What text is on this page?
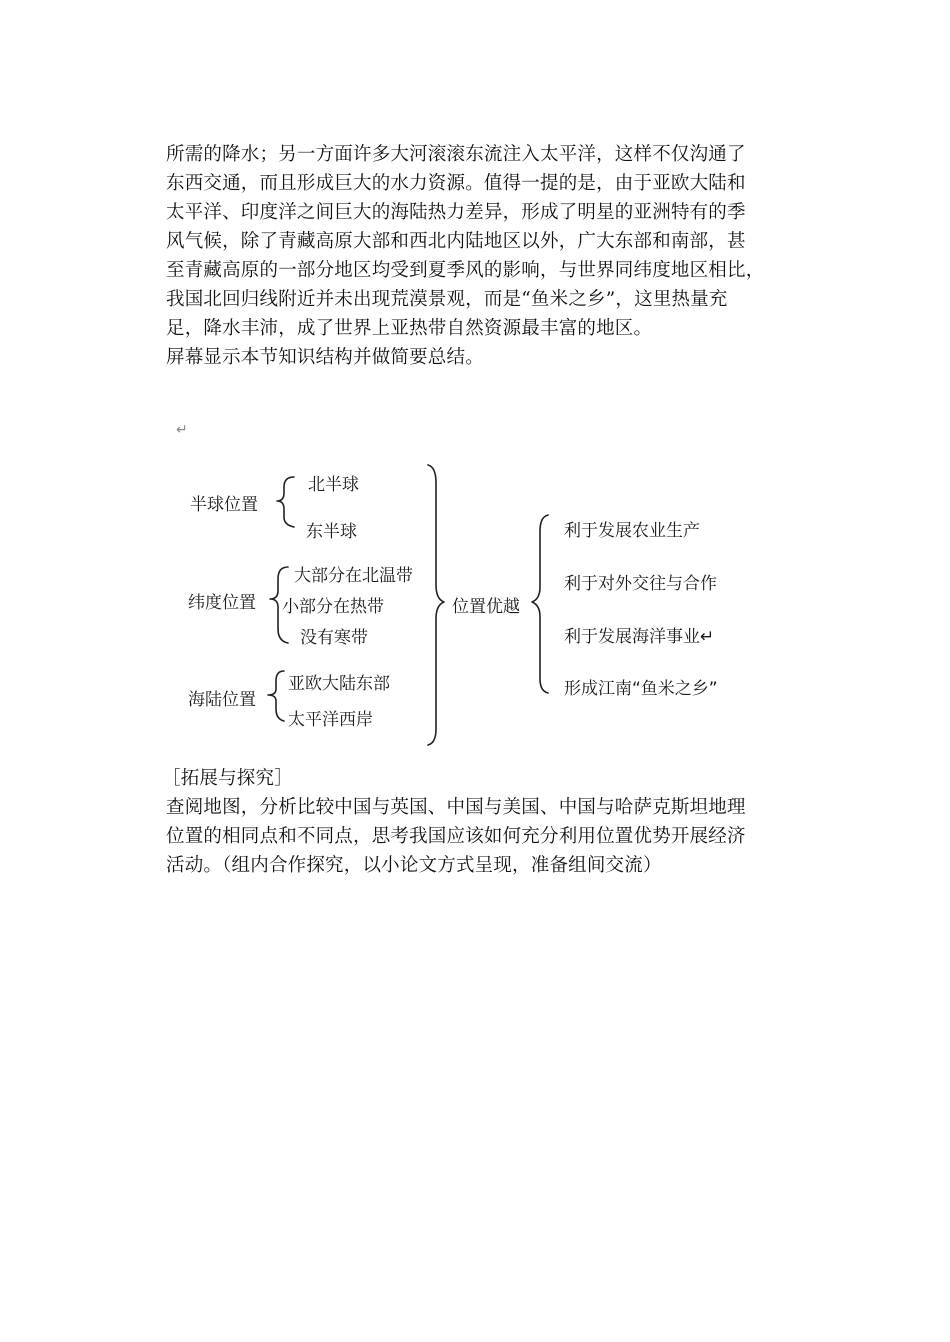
所需的降水；另一方面许多大河滚滚东流注入太平洋，这样不仅沟通了
东西交通，而且形成巨大的水力资源。值得一提的是，由于亚欧大陆和
太平洋、印度洋之间巨大的海陆热力差异，形成了明星的亚洲特有的季
风气候，除了青藏高原大部和西北内陆地区以外，广大东部和南部，甚
至青藏高原的一部分地区均受到夏季风的影响，与世界同纬度地区相比，
我国北回归线附近并未出现荒漠景观，而是“鱼米之乡”，这里热量充
足，降水丰沛，成了世界上亚热带自然资源最丰富的地区。
屏幕显示本节知识结构并做简要总结。
↵
半球位置
北半球
东半球
纬度位置
大部分在北温带
小部分在热带
没有寒带
海陆位置
亚欧大陆东部
太平洋西岸
位置优越
利于发展农业生产
利于对外交往与合作
利于发展海洋事业↵
形成江南“鱼米之乡”
［拓展与探究］
查阅地图，分析比较中国与英国、中国与美国、中国与哈萨克斯坦地理
位置的相同点和不同点，思考我国应该如何充分利用位置优势开展经济
活动。（组内合作探究，以小论文方式呈现，准备组间交流）
